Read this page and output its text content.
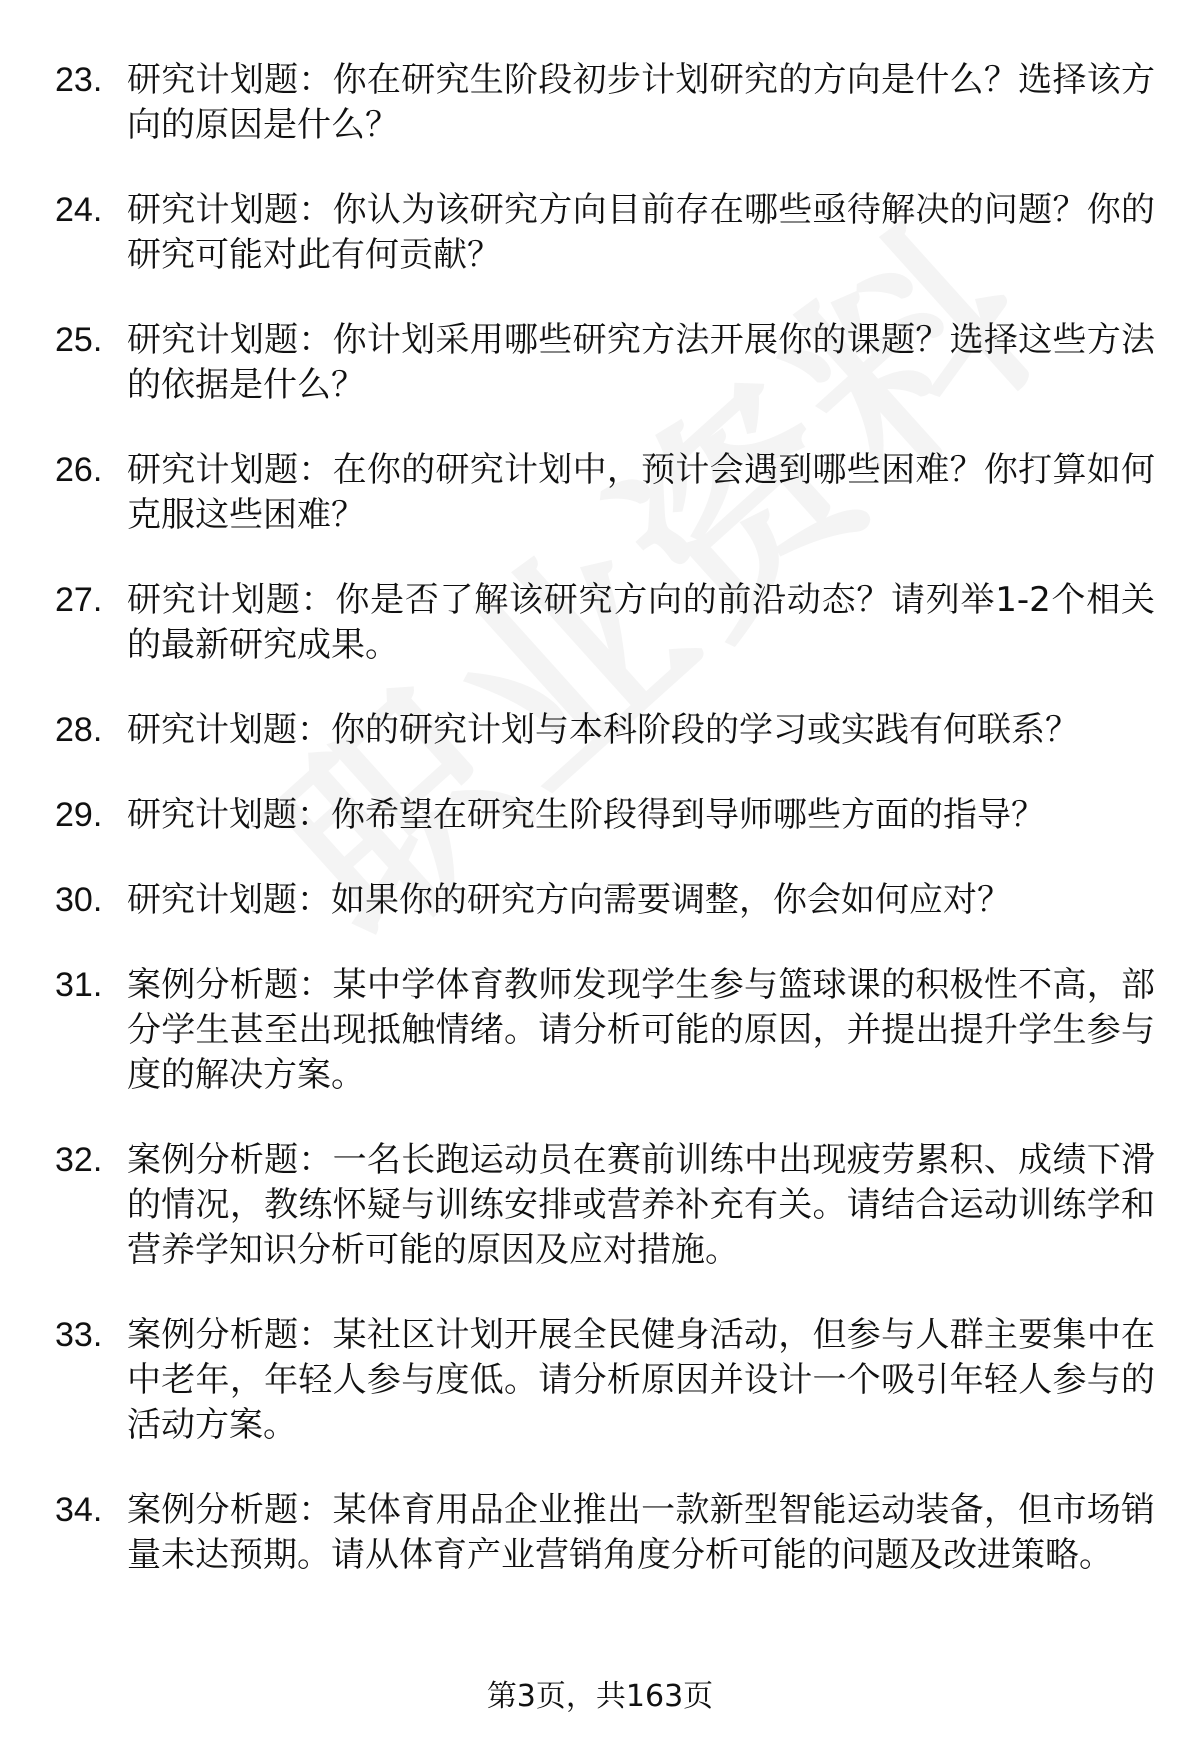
23. 研究计划题：你在研究生阶段初步计划研究的方向是什么？选择该方向的原因是什么？
24. 研究计划题：你认为该研究方向目前存在哪些亟待解决的问题？你的研究可能对此有何贡献？
25. 研究计划题：你计划采用哪些研究方法开展你的课题？选择这些方法的依据是什么？
26. 研究计划题：在你的研究计划中，预计会遇到哪些困难？你打算如何克服这些困难？
27. 研究计划题：你是否了解该研究方向的前沿动态？请列举1-2个相关的最新研究成果。
28. 研究计划题：你的研究计划与本科阶段的学习或实践有何联系？
29. 研究计划题：你希望在研究生阶段得到导师哪些方面的指导？
30. 研究计划题：如果你的研究方向需要调整，你会如何应对？
31. 案例分析题：某中学体育教师发现学生参与篮球课的积极性不高，部分学生甚至出现抵触情绪。请分析可能的原因，并提出提升学生参与度的解决方案。
32. 案例分析题：一名长跑运动员在赛前训练中出现疲劳累积、成绩下滑的情况，教练怀疑与训练安排或营养补充有关。请结合运动训练学和营养学知识分析可能的原因及应对措施。
33. 案例分析题：某社区计划开展全民健身活动，但参与人群主要集中在中老年，年轻人参与度低。请分析原因并设计一个吸引年轻人参与的活动方案。
34. 案例分析题：某体育用品企业推出一款新型智能运动装备，但市场销量未达预期。请从体育产业营销角度分析可能的问题及改进策略。
第3页，共163页
